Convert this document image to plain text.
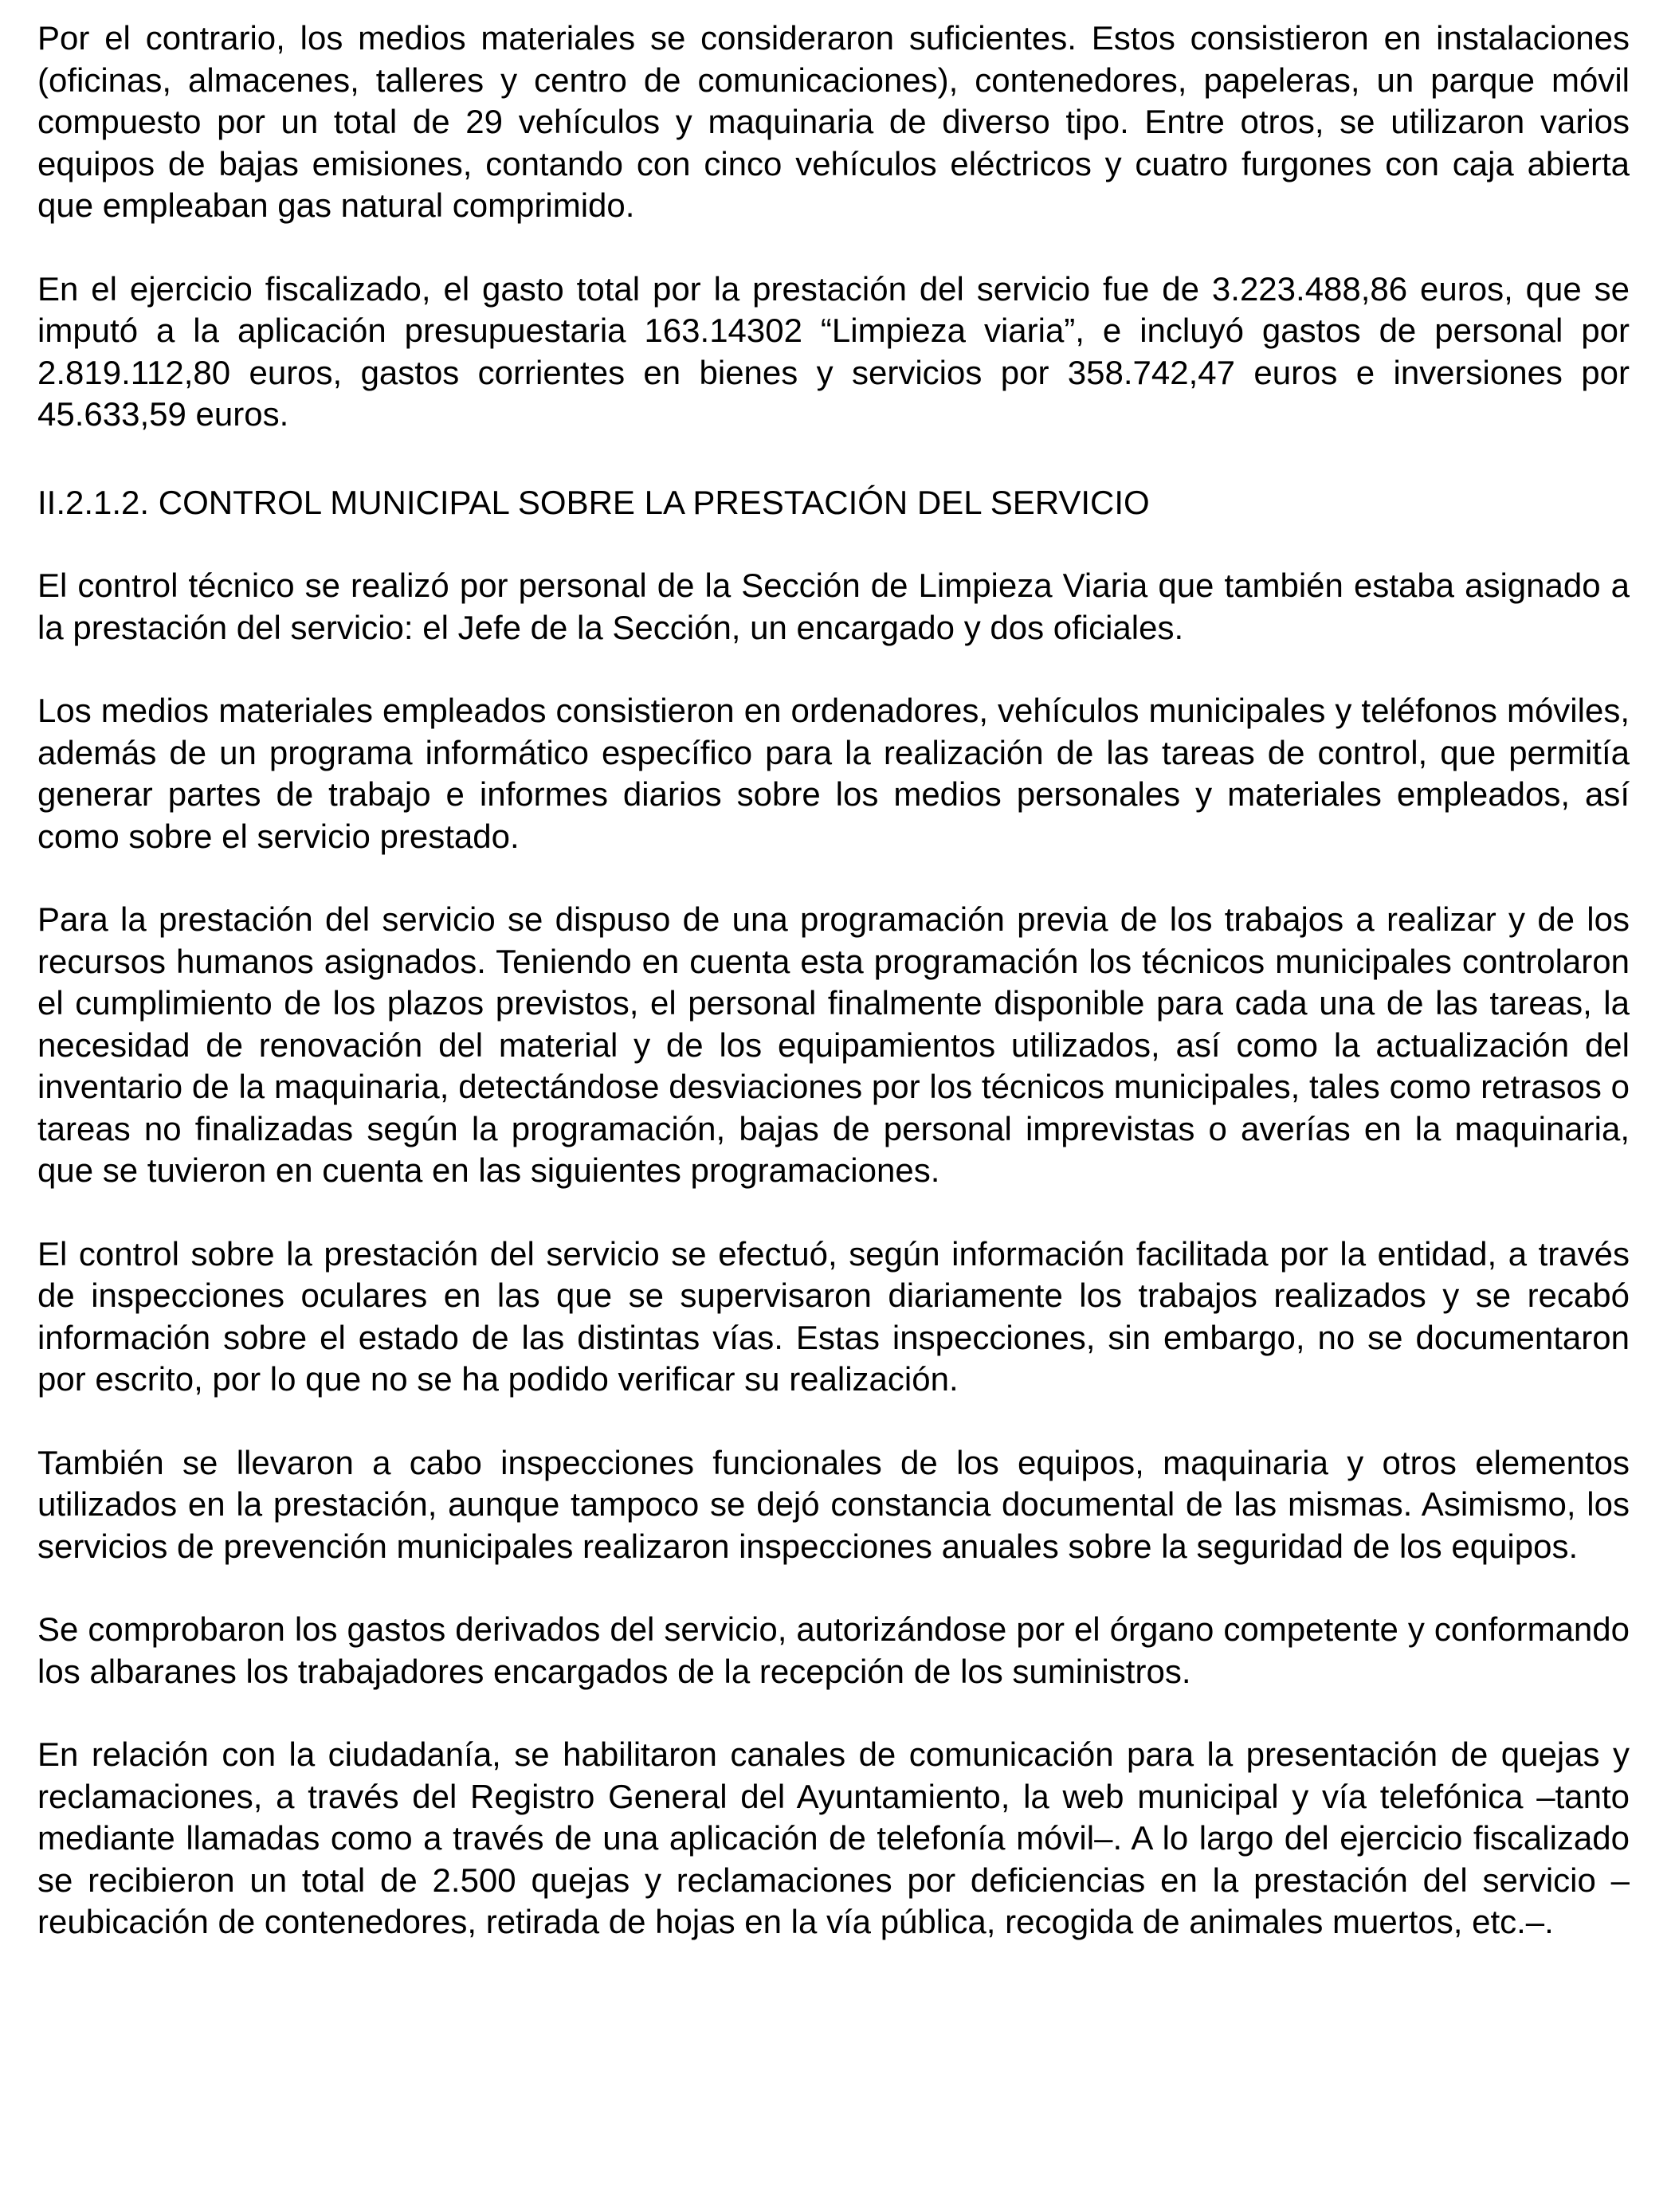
Por el contrario, los medios materiales se consideraron suficientes. Estos consistieron en instalaciones (oficinas, almacenes, talleres y centro de comunicaciones), contenedores, papeleras, un parque móvil compuesto por un total de 29 vehículos y maquinaria de diverso tipo. Entre otros, se utilizaron varios equipos de bajas emisiones, contando con cinco vehículos eléctricos y cuatro furgones con caja abierta que empleaban gas natural comprimido.

En el ejercicio fiscalizado, el gasto total por la prestación del servicio fue de 3.223.488,86 euros, que se imputó a la aplicación presupuestaria 163.14302 “Limpieza viaria”, e incluyó gastos de personal por 2.819.112,80 euros, gastos corrientes en bienes y servicios por 358.742,47 euros e inversiones por 45.633,59 euros.

II.2.1.2. CONTROL MUNICIPAL SOBRE LA PRESTACIÓN DEL SERVICIO

El control técnico se realizó por personal de la Sección de Limpieza Viaria que también estaba asignado a la prestación del servicio: el Jefe de la Sección, un encargado y dos oficiales.

Los medios materiales empleados consistieron en ordenadores, vehículos municipales y teléfonos móviles, además de un programa informático específico para la realización de las tareas de control, que permitía generar partes de trabajo e informes diarios sobre los medios personales y materiales empleados, así como sobre el servicio prestado.

Para la prestación del servicio se dispuso de una programación previa de los trabajos a realizar y de los recursos humanos asignados. Teniendo en cuenta esta programación los técnicos municipales controlaron el cumplimiento de los plazos previstos, el personal finalmente disponible para cada una de las tareas, la necesidad de renovación del material y de los equipamientos utilizados, así como la actualización del inventario de la maquinaria, detectándose desviaciones por los técnicos municipales, tales como retrasos o tareas no finalizadas según la programación, bajas de personal imprevistas o averías en la maquinaria, que se tuvieron en cuenta en las siguientes programaciones.

El control sobre la prestación del servicio se efectuó, según información facilitada por la entidad, a través de inspecciones oculares en las que se supervisaron diariamente los trabajos realizados y se recabó información sobre el estado de las distintas vías. Estas inspecciones, sin embargo, no se documentaron por escrito, por lo que no se ha podido verificar su realización.

También se llevaron a cabo inspecciones funcionales de los equipos, maquinaria y otros elementos utilizados en la prestación, aunque tampoco se dejó constancia documental de las mismas. Asimismo, los servicios de prevención municipales realizaron inspecciones anuales sobre la seguridad de los equipos.

Se comprobaron los gastos derivados del servicio, autorizándose por el órgano competente y conformando los albaranes los trabajadores encargados de la recepción de los suministros.

En relación con la ciudadanía, se habilitaron canales de comunicación para la presentación de quejas y reclamaciones, a través del Registro General del Ayuntamiento, la web municipal y vía telefónica –tanto mediante llamadas como a través de una aplicación de telefonía móvil–. A lo largo del ejercicio fiscalizado se recibieron un total de 2.500 quejas y reclamaciones por deficiencias en la prestación del servicio –reubicación de contenedores, retirada de hojas en la vía pública, recogida de animales muertos, etc.–.
